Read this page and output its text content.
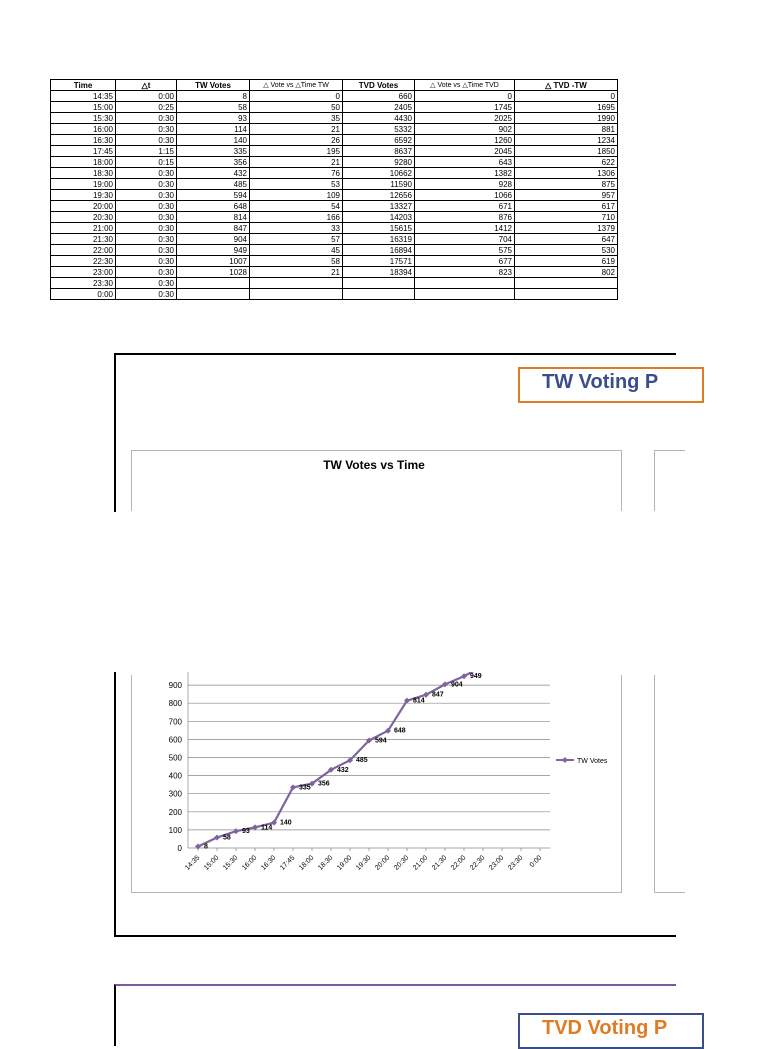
Time	△t	TW Votes	△ Vote vs △Time TW	TVD Votes	△ Vote vs △Time TVD	△ TVD -TW
14:35	0:00	8	0	660	0	0
15:00	0:25	58	50	2405	1745	1695
15:30	0:30	93	35	4430	2025	1990
16:00	0:30	114	21	5332	902	881
16:30	0:30	140	26	6592	1260	1234
17:45	1:15	335	195	8637	2045	1850
18:00	0:15	356	21	9280	643	622
18:30	0:30	432	76	10662	1382	1306
19:00	0:30	485	53	11590	928	875
19:30	0:30	594	109	12656	1066	957
20:00	0:30	648	54	13327	671	617
20:30	0:30	814	166	14203	876	710
21:00	0:30	847	33	15615	1412	1379
21:30	0:30	904	57	16319	704	647
22:00	0:30	949	45	16894	575	530
22:30	0:30	1007	58	17571	677	619
23:00	0:30	1028	21	18394	823	802
23:30	0:30					
0:00	0:30					
TW Voting P
TW Votes vs Time
0
100
200
300
400
500
600
700
800
900
14:35 15:00 15:30 16:00 16:30 17:45 18:00 18:30 19:00 19:30 20:00 20:30 21:00 21:30 22:00 22:30 23:00 23:30 0:00
8
58
93
114
140
335
356
432
485
594
648
814
847
904
949
TW Votes
TVD Voting P
